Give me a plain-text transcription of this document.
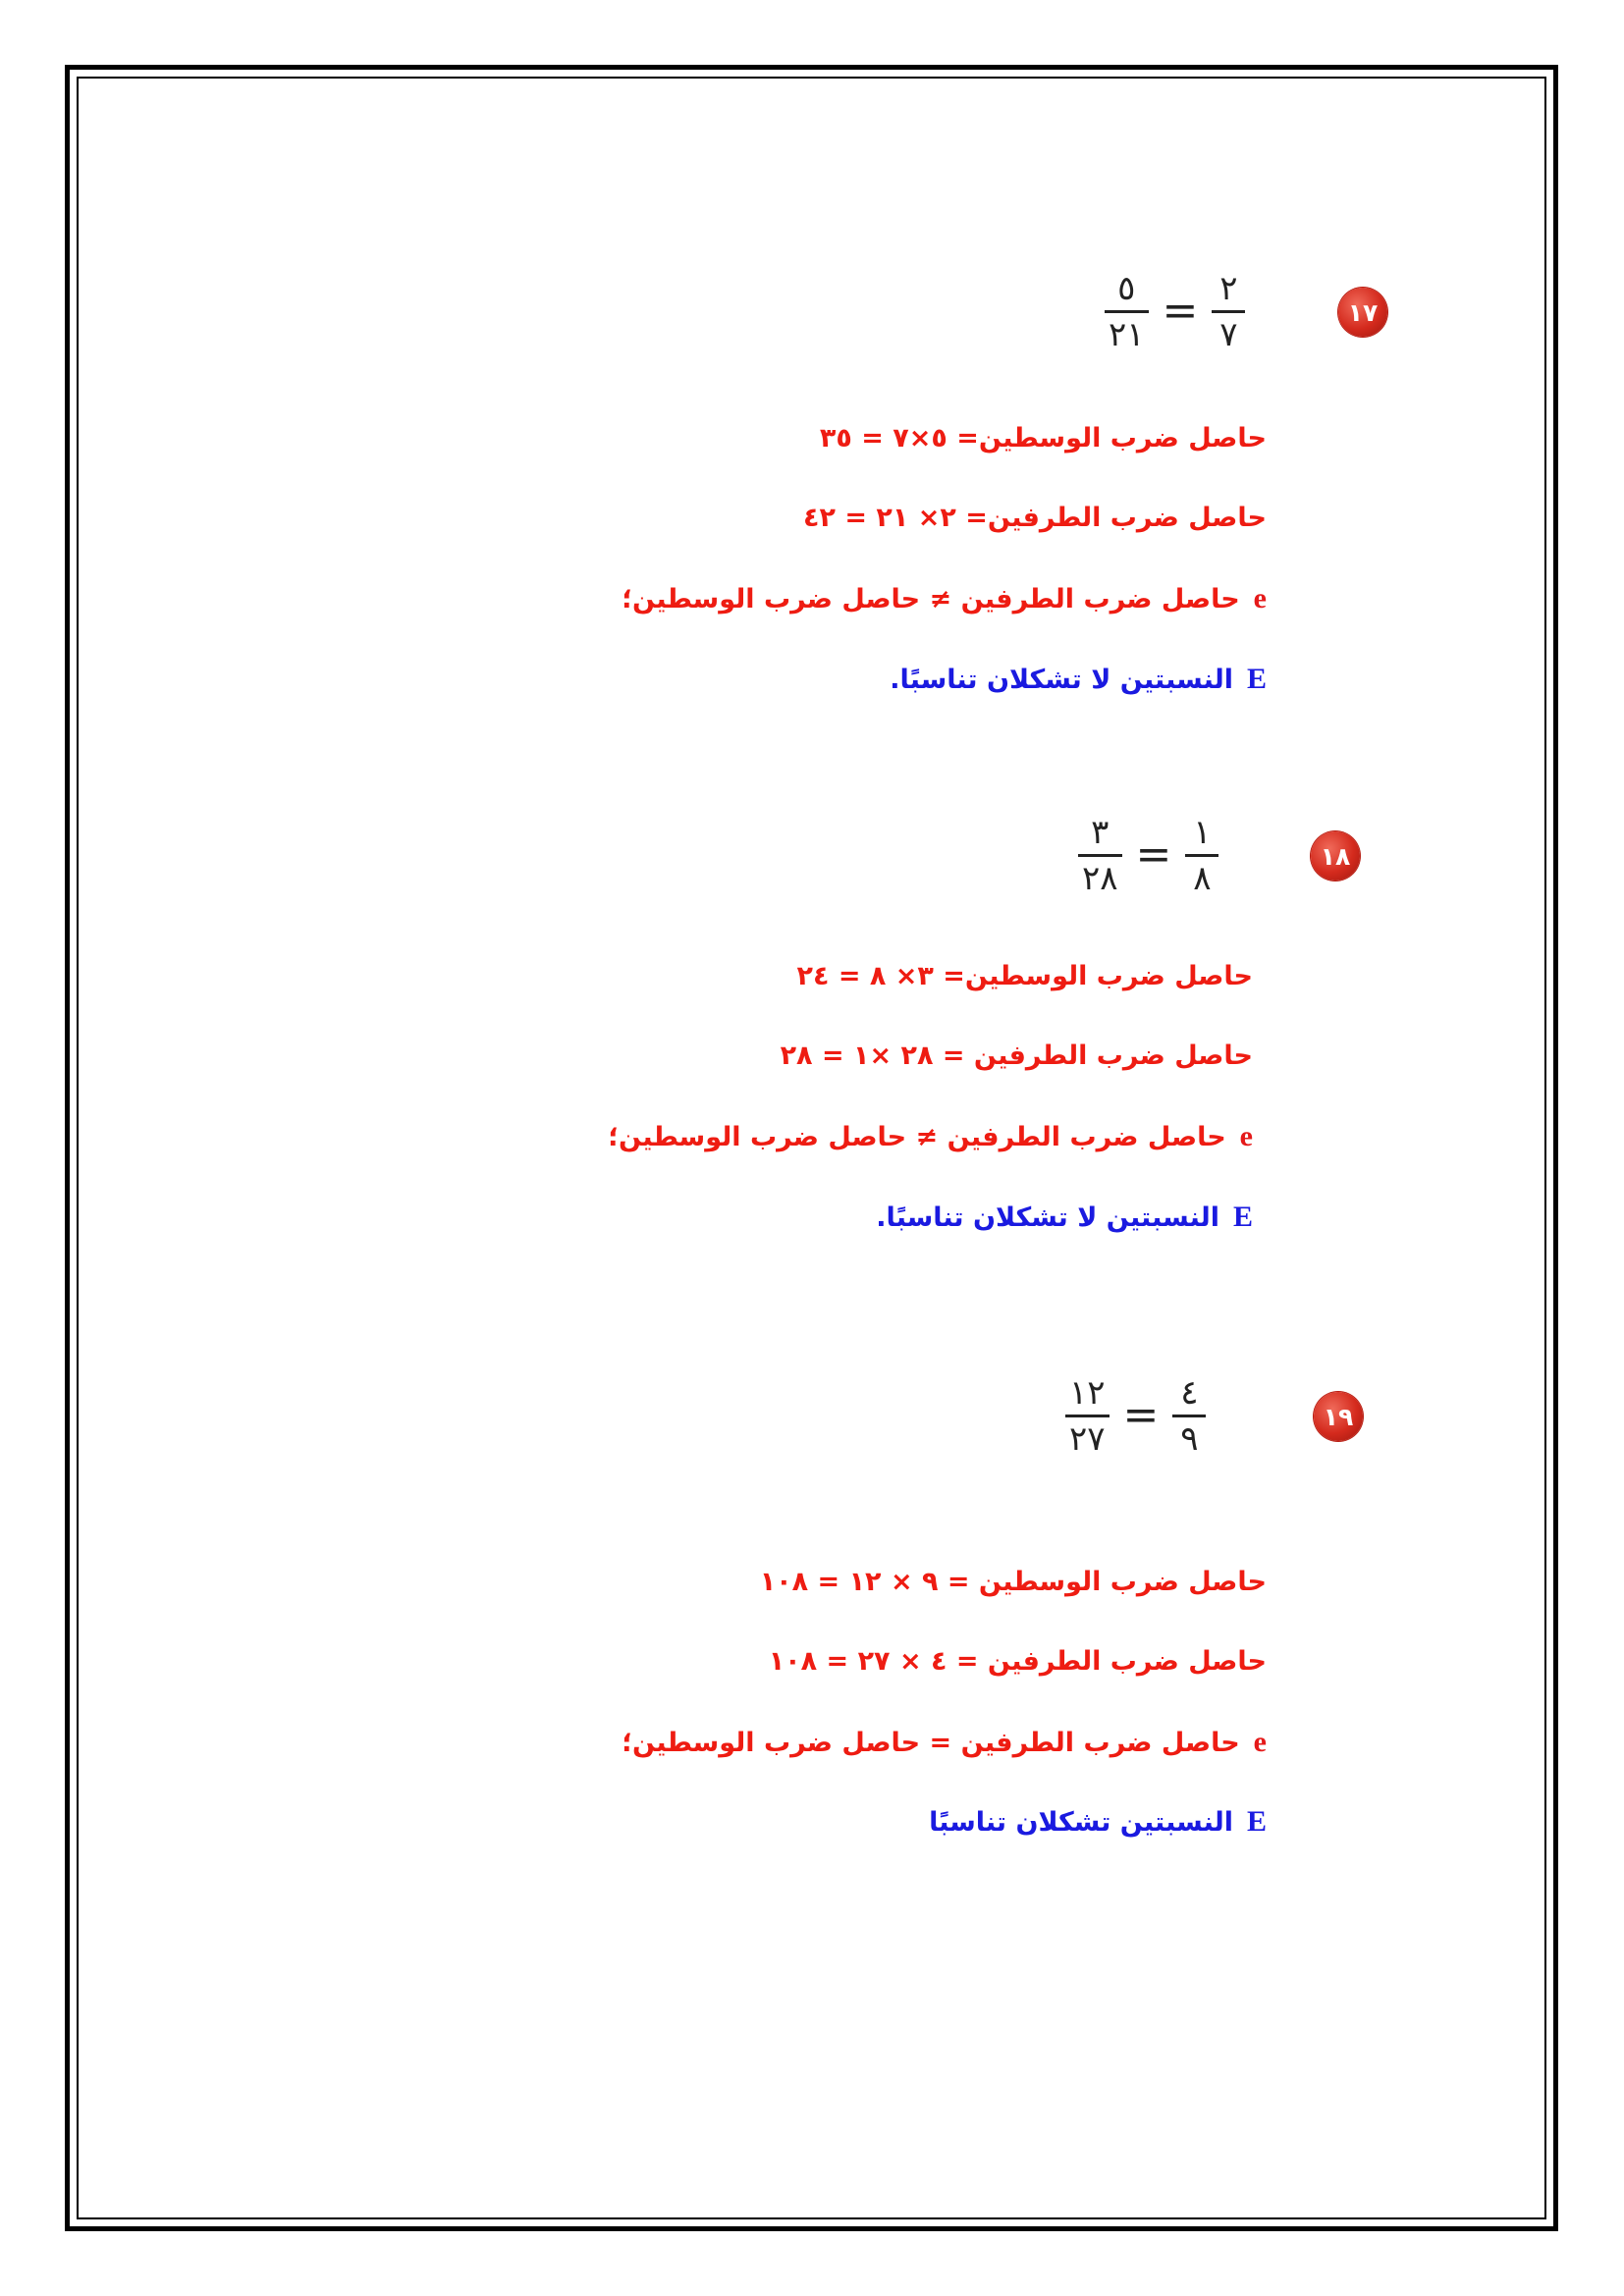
١٧
$\frac{٥}{٢١} = \frac{٢}{٧}$
حاصل ضرب الوسطين= ٥×٧ = ٣٥
حاصل ضرب الطرفين= ٢× ٢١ = ٤٢
eحاصل ضرب الطرفين ≠ حاصل ضرب الوسطين؛
Eالنسبتين لا تشكلان تناسبًا.
١٨
$\frac{٣}{٢٨} = \frac{١}{٨}$
حاصل ضرب الوسطين= ٣× ٨ = ٢٤
حاصل ضرب الطرفين = ٢٨ ×١ = ٢٨
eحاصل ضرب الطرفين ≠ حاصل ضرب الوسطين؛
Eالنسبتين لا تشكلان تناسبًا.
١٩
$\frac{١٢}{٢٧} = \frac{٤}{٩}$
حاصل ضرب الوسطين = ٩ × ١٢ = ١٠٨
حاصل ضرب الطرفين = ٤ × ٢٧ = ١٠٨
eحاصل ضرب الطرفين = حاصل ضرب الوسطين؛
Eالنسبتين تشكلان تناسبًا
